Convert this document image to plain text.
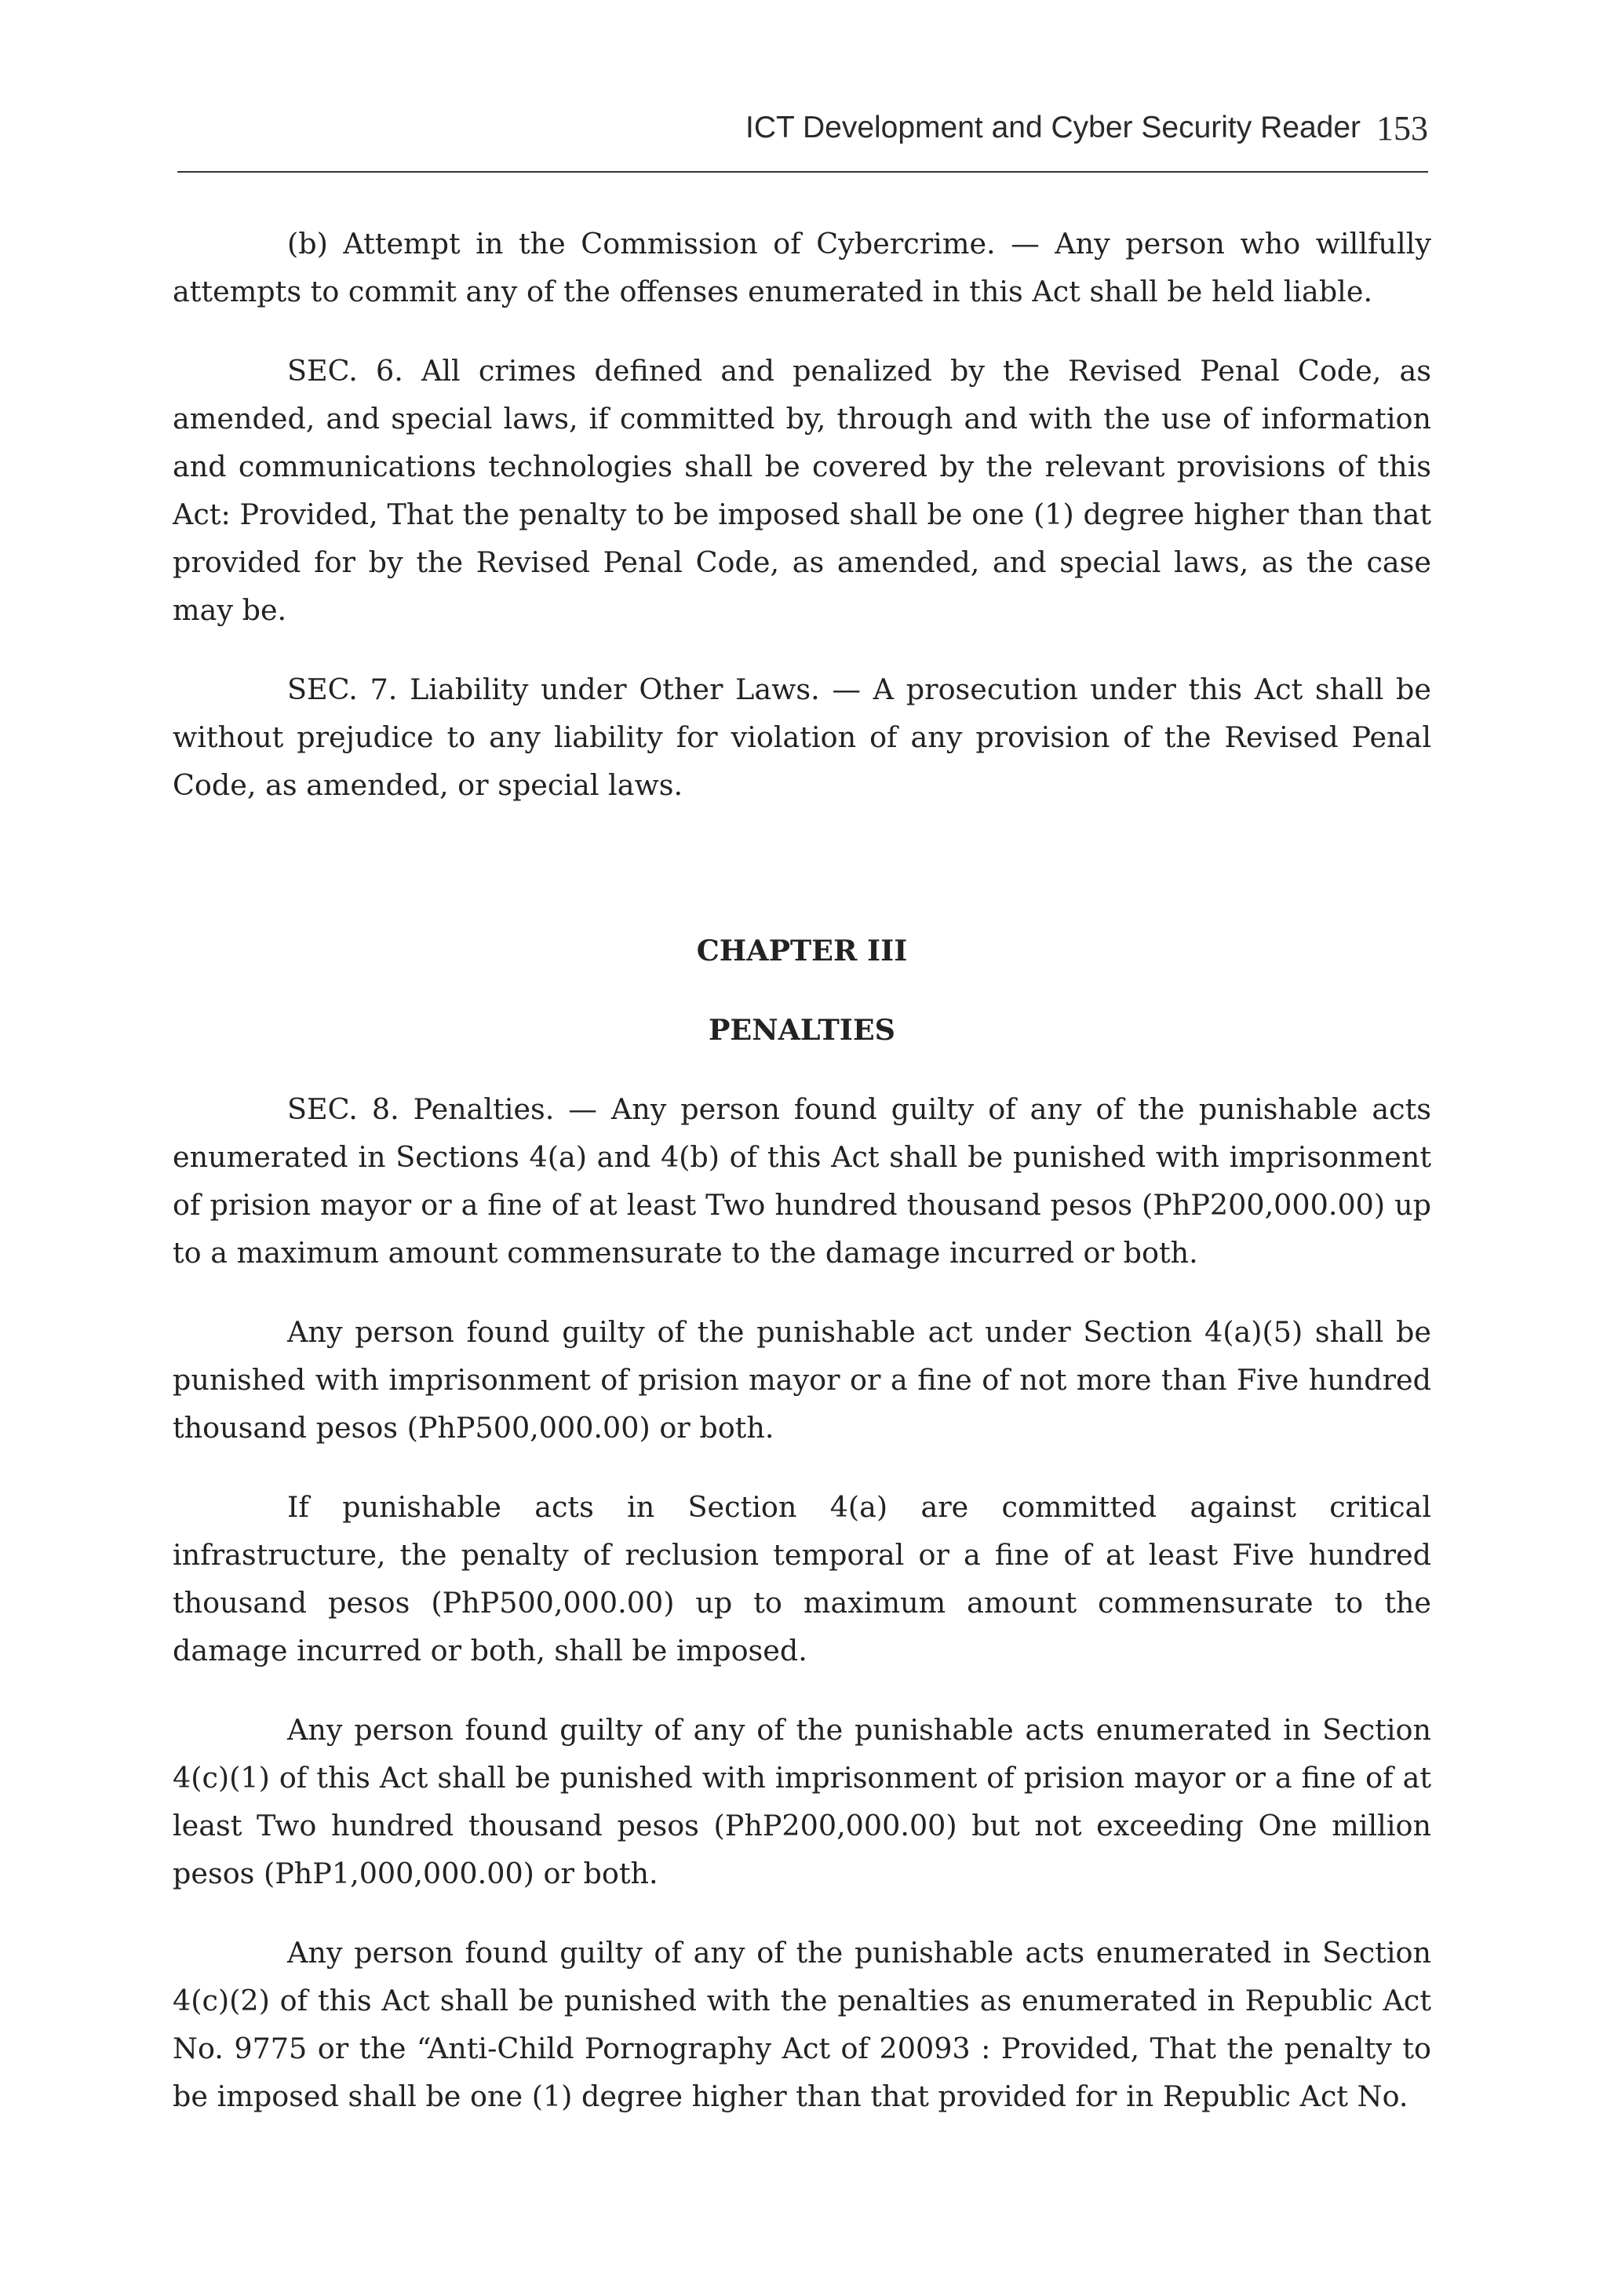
ICT Development and Cyber Security Reader 153

(b) Attempt in the Commission of Cybercrime. — Any person who willfully attempts to commit any of the offenses enumerated in this Act shall be held liable.

SEC. 6. All crimes defined and penalized by the Revised Penal Code, as amended, and special laws, if committed by, through and with the use of information and communications technologies shall be covered by the relevant provisions of this Act: Provided, That the penalty to be imposed shall be one (1) degree higher than that provided for by the Revised Penal Code, as amended, and special laws, as the case may be.

SEC. 7. Liability under Other Laws. — A prosecution under this Act shall be without prejudice to any liability for violation of any provision of the Revised Penal Code, as amended, or special laws.

CHAPTER III
PENALTIES

SEC. 8. Penalties. — Any person found guilty of any of the punishable acts enumerated in Sections 4(a) and 4(b) of this Act shall be punished with imprisonment of prision mayor or a fine of at least Two hundred thousand pesos (PhP200,000.00) up to a maximum amount commensurate to the damage incurred or both.

Any person found guilty of the punishable act under Section 4(a)(5) shall be punished with imprisonment of prision mayor or a fine of not more than Five hundred thousand pesos (PhP500,000.00) or both.

If punishable acts in Section 4(a) are committed against critical infrastructure, the penalty of reclusion temporal or a fine of at least Five hundred thousand pesos (PhP500,000.00) up to maximum amount commensurate to the damage incurred or both, shall be imposed.

Any person found guilty of any of the punishable acts enumerated in Section 4(c)(1) of this Act shall be punished with imprisonment of prision mayor or a fine of at least Two hundred thousand pesos (PhP200,000.00) but not exceeding One million pesos (PhP1,000,000.00) or both.

Any person found guilty of any of the punishable acts enumerated in Section 4(c)(2) of this Act shall be punished with the penalties as enumerated in Republic Act No. 9775 or the “Anti-Child Pornography Act of 20093 : Provided, That the penalty to be imposed shall be one (1) degree higher than that provided for in Republic Act No.
